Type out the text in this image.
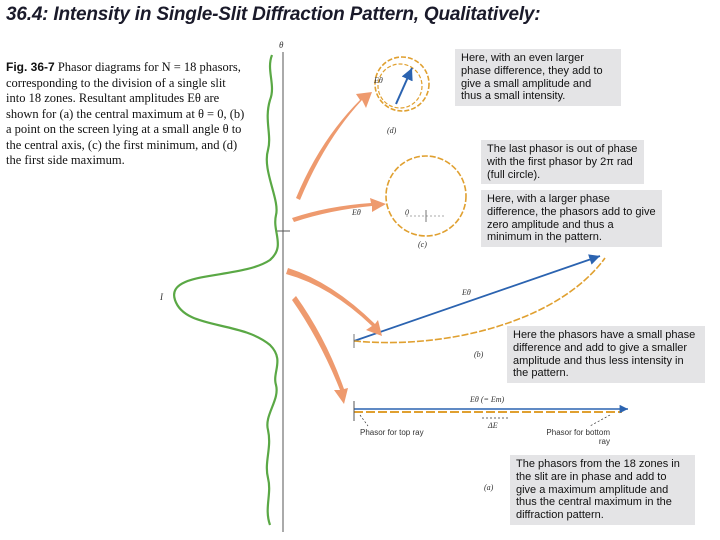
36.4: Intensity in Single-Slit Diffraction Pattern, Qualitatively:
Fig. 36-7 Phasor diagrams for N = 18 phasors, corresponding to the division of a single slit into 18 zones. Resultant amplitudes Eθ are shown for (a) the central maximum at θ = 0, (b) a point on the screen lying at a small angle θ to the central axis, (c) the first minimum, and (d) the first side maximum.
θ
I
(d)
Eθ
(c)
Eθ	0
(b)
Eθ
(a)
Eθ (= Em)
ΔE
Phasor for top ray	Phasor for bottom ray
Here, with an even larger phase difference, they add to give a small amplitude and thus a small intensity.
The last phasor is out of phase with the first phasor by 2π rad (full circle).
Here, with a larger phase difference, the phasors add to give zero amplitude and thus a minimum in the pattern.
Here the phasors have a small phase difference and add to give a smaller amplitude and thus less intensity in the pattern.
The phasors from the 18 zones in the slit are in phase and add to give a maximum amplitude and thus the central maximum in the diffraction pattern.
